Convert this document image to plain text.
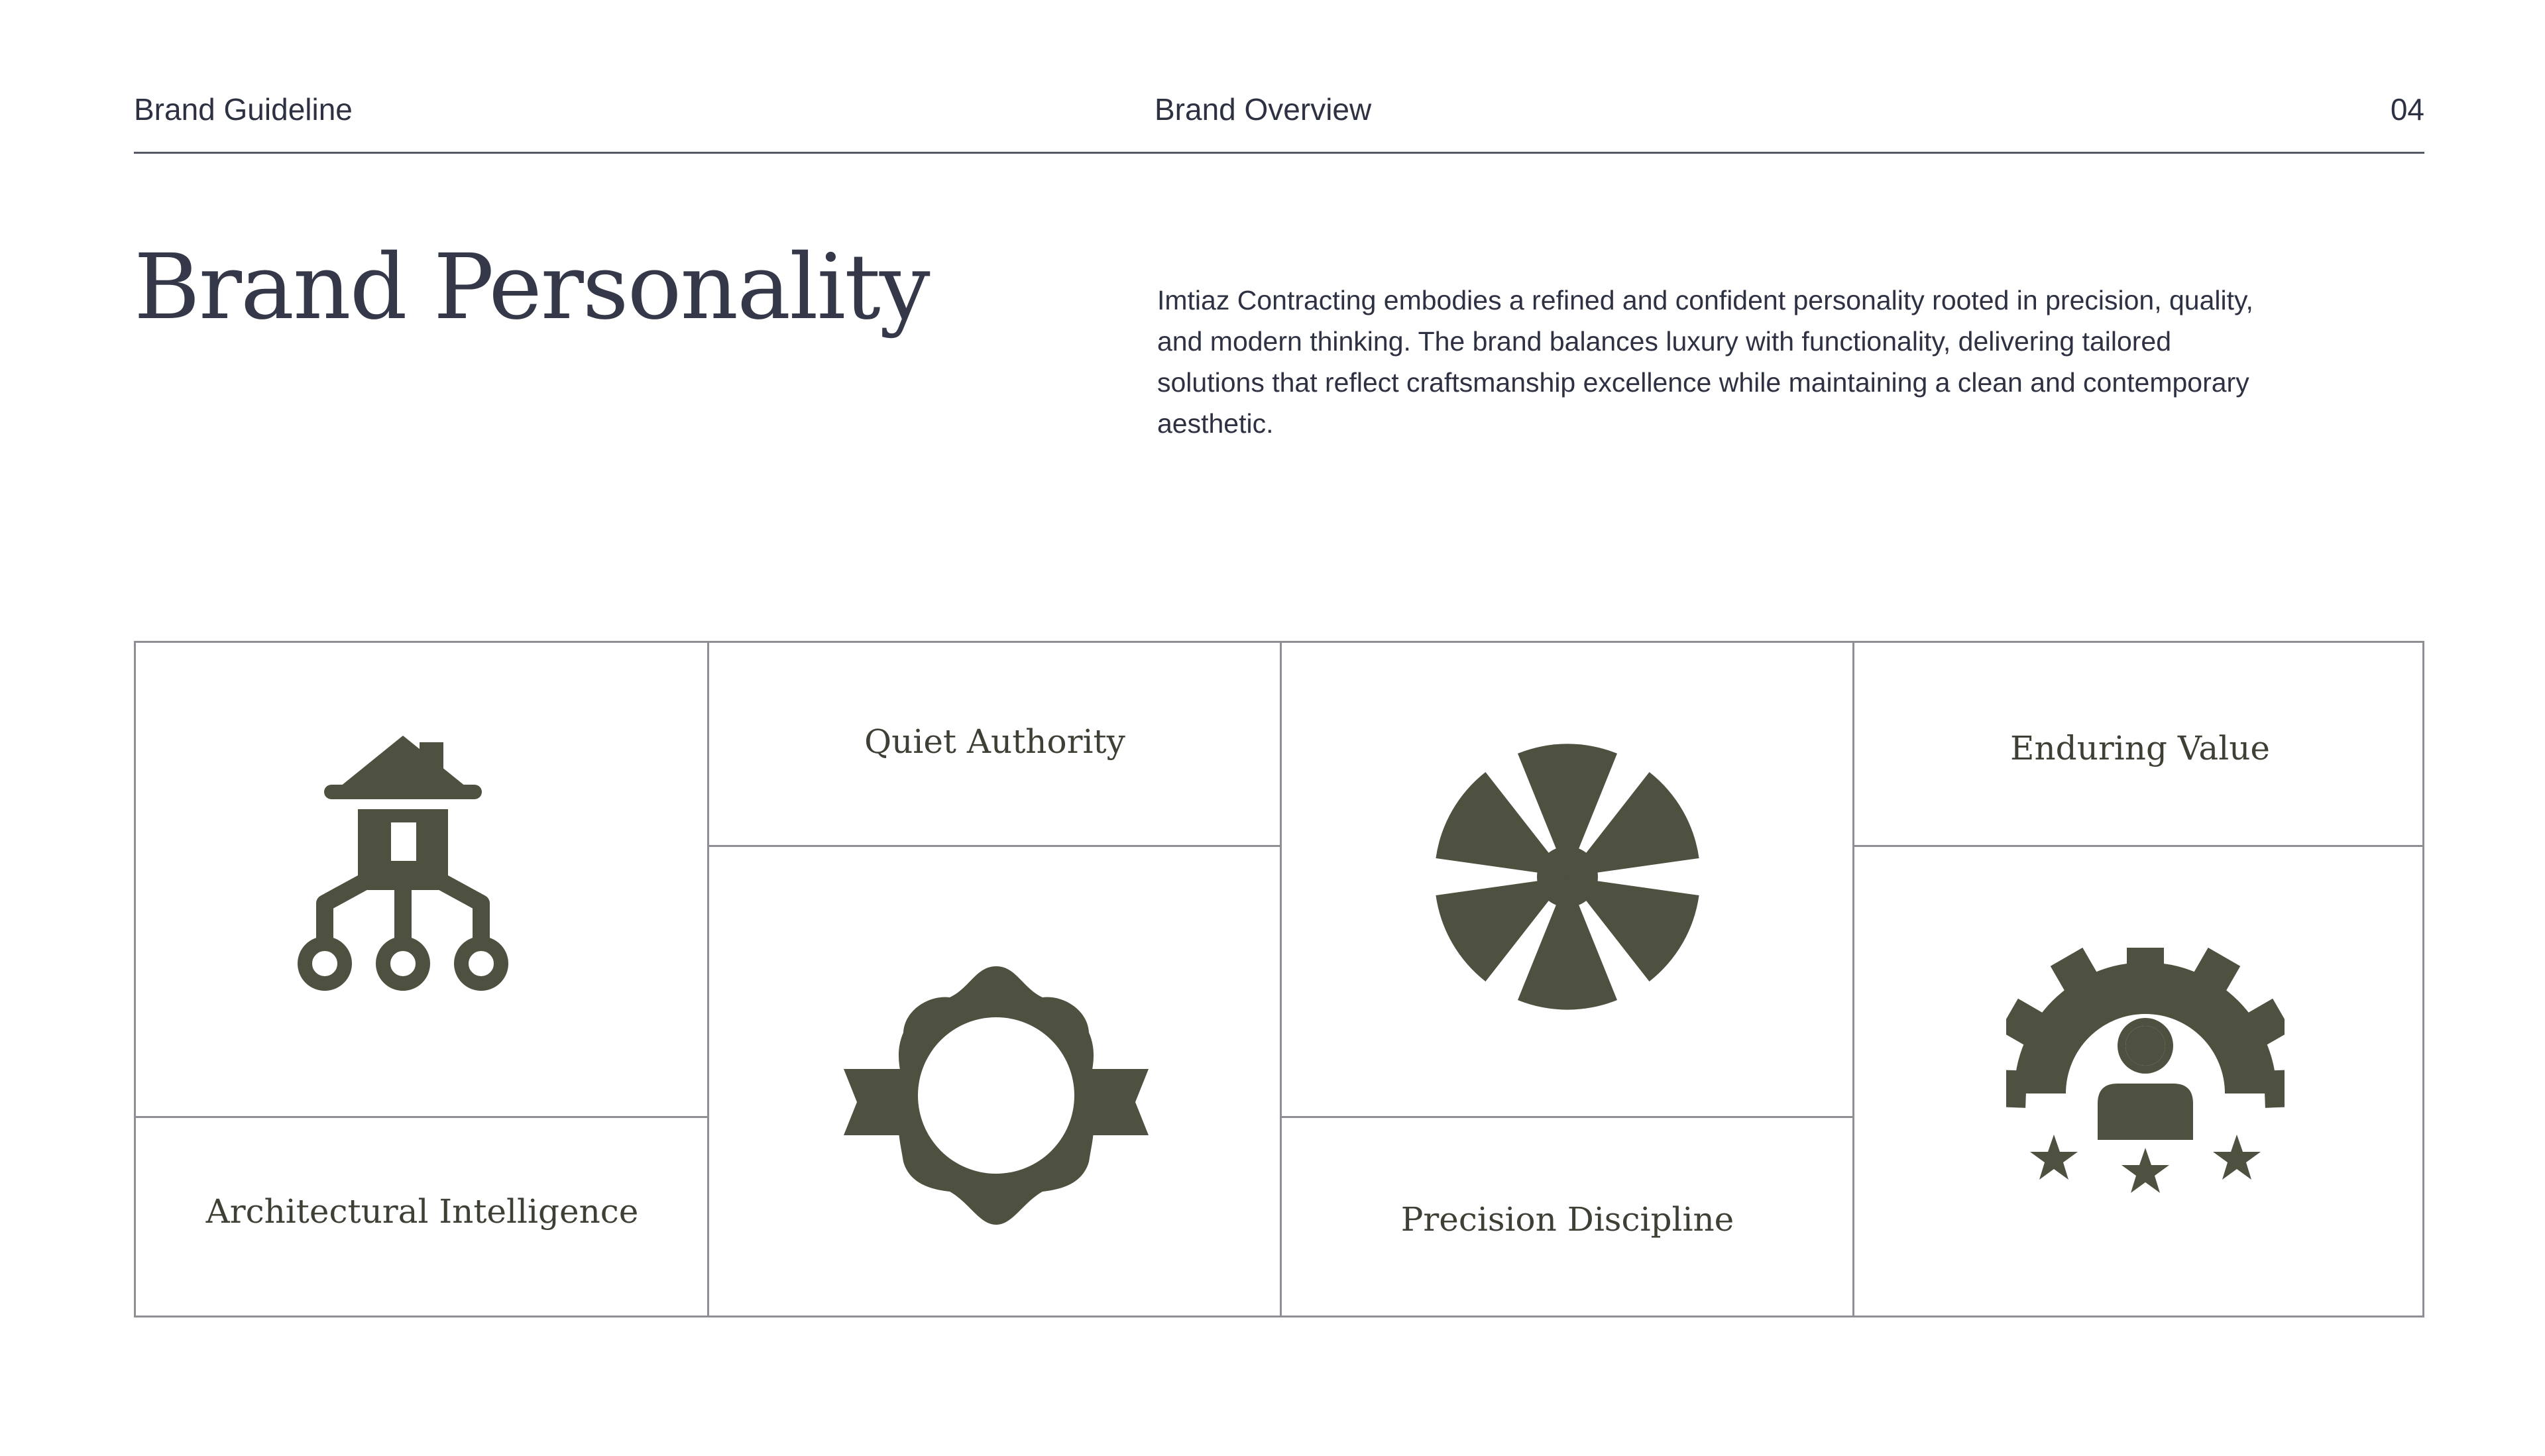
Brand Guideline	Brand Overview	04
Brand Personality	Imtiaz Contracting embodies a refined and confident personality rooted in precision, quality, and modern thinking. The brand balances luxury with functionality, delivering tailored solutions that reflect craftsmanship excellence while maintaining a clean and contemporary aesthetic.

Architectural Intelligence
Quiet Authority
Precision Discipline
Enduring Value
